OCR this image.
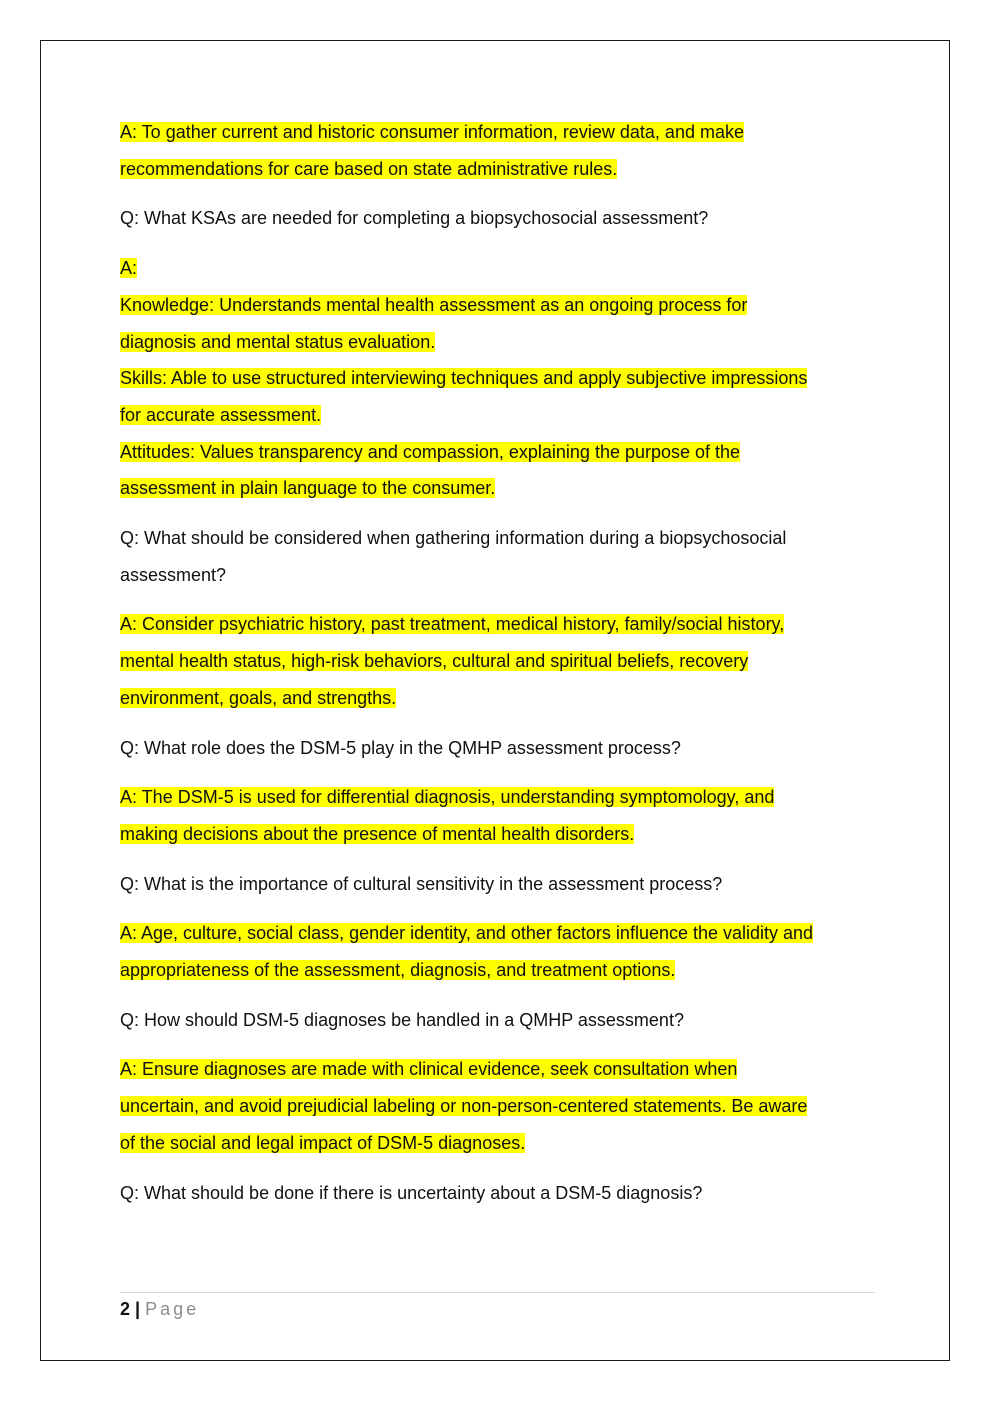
A: To gather current and historic consumer information, review data, and make
recommendations for care based on state administrative rules.
Q: What KSAs are needed for completing a biopsychosocial assessment?
A:
Knowledge: Understands mental health assessment as an ongoing process for
diagnosis and mental status evaluation.
Skills: Able to use structured interviewing techniques and apply subjective impressions
for accurate assessment.
Attitudes: Values transparency and compassion, explaining the purpose of the
assessment in plain language to the consumer.
Q: What should be considered when gathering information during a biopsychosocial
assessment?
A: Consider psychiatric history, past treatment, medical history, family/social history,
mental health status, high-risk behaviors, cultural and spiritual beliefs, recovery
environment, goals, and strengths.
Q: What role does the DSM-5 play in the QMHP assessment process?
A: The DSM-5 is used for differential diagnosis, understanding symptomology, and
making decisions about the presence of mental health disorders.
Q: What is the importance of cultural sensitivity in the assessment process?
A: Age, culture, social class, gender identity, and other factors influence the validity and
appropriateness of the assessment, diagnosis, and treatment options.
Q: How should DSM-5 diagnoses be handled in a QMHP assessment?
A: Ensure diagnoses are made with clinical evidence, seek consultation when
uncertain, and avoid prejudicial labeling or non-person-centered statements. Be aware
of the social and legal impact of DSM-5 diagnoses.
Q: What should be done if there is uncertainty about a DSM-5 diagnosis?
2 | Page
